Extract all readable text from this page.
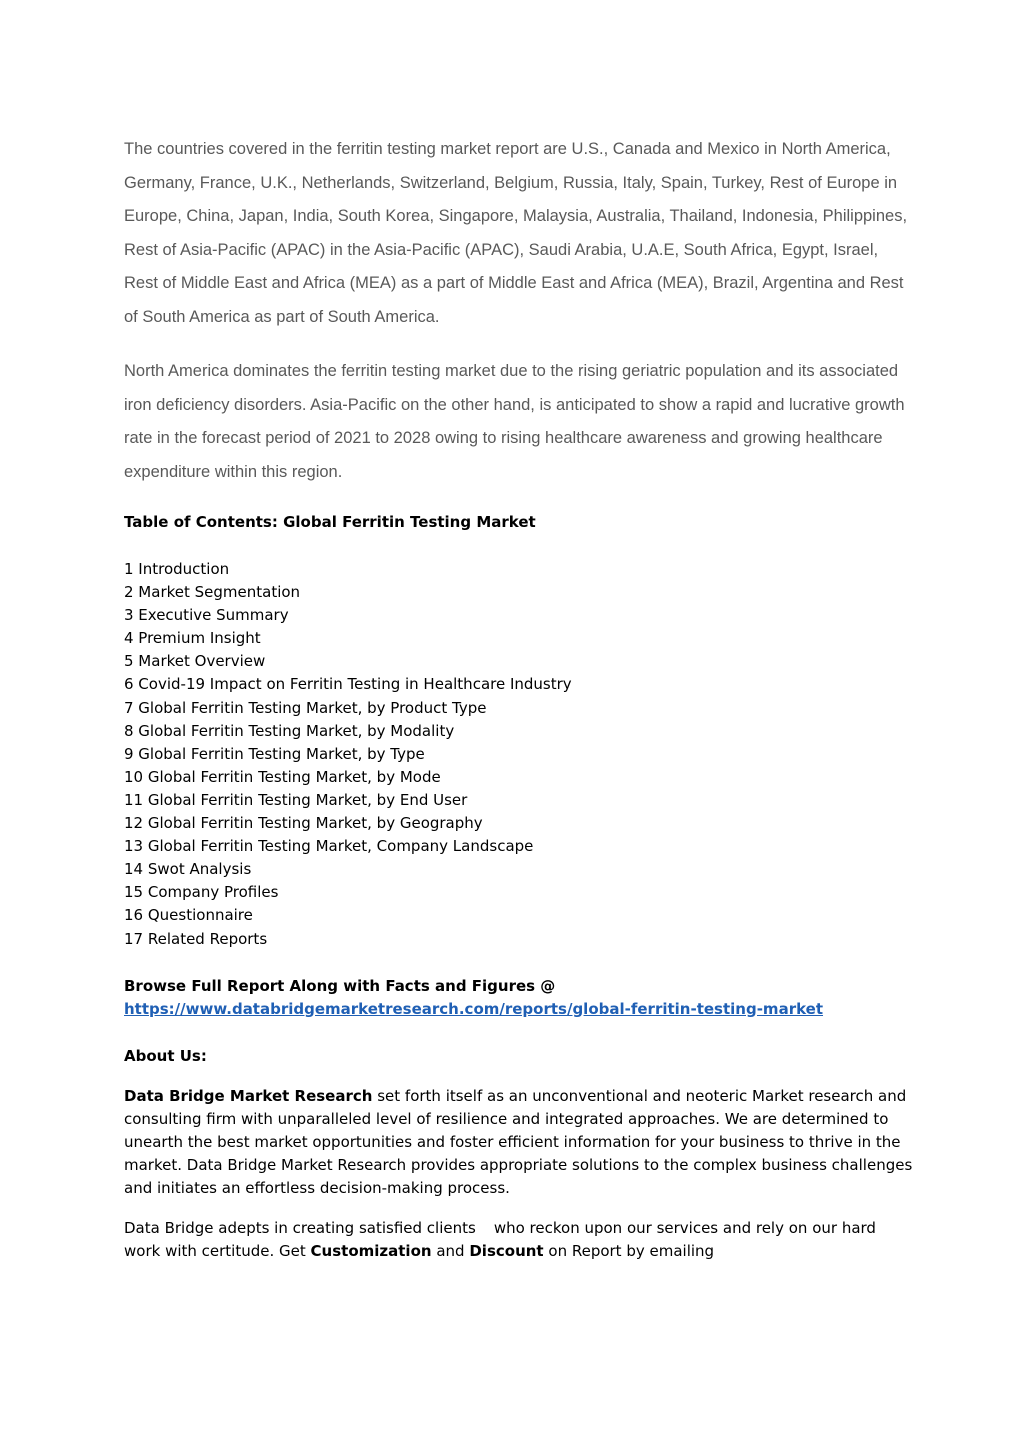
The countries covered in the ferritin testing market report are U.S., Canada and Mexico in North America, Germany, France, U.K., Netherlands, Switzerland, Belgium, Russia, Italy, Spain, Turkey, Rest of Europe in Europe, China, Japan, India, South Korea, Singapore, Malaysia, Australia, Thailand, Indonesia, Philippines, Rest of Asia-Pacific (APAC) in the Asia-Pacific (APAC), Saudi Arabia, U.A.E, South Africa, Egypt, Israel, Rest of Middle East and Africa (MEA) as a part of Middle East and Africa (MEA), Brazil, Argentina and Rest of South America as part of South America.

North America dominates the ferritin testing market due to the rising geriatric population and its associated iron deficiency disorders. Asia-Pacific on the other hand, is anticipated to show a rapid and lucrative growth rate in the forecast period of 2021 to 2028 owing to rising healthcare awareness and growing healthcare expenditure within this region.

Table of Contents: Global Ferritin Testing Market

1 Introduction
2 Market Segmentation
3 Executive Summary
4 Premium Insight
5 Market Overview
6 Covid-19 Impact on Ferritin Testing in Healthcare Industry
7 Global Ferritin Testing Market, by Product Type
8 Global Ferritin Testing Market, by Modality
9 Global Ferritin Testing Market, by Type
10 Global Ferritin Testing Market, by Mode
11 Global Ferritin Testing Market, by End User
12 Global Ferritin Testing Market, by Geography
13 Global Ferritin Testing Market, Company Landscape
14 Swot Analysis
15 Company Profiles
16 Questionnaire
17 Related Reports
Browse Full Report Along with Facts and Figures @
https://www.databridgemarketresearch.com/reports/global-ferritin-testing-market

About Us:

Data Bridge Market Research set forth itself as an unconventional and neoteric Market research and consulting firm with unparalleled level of resilience and integrated approaches. We are determined to unearth the best market opportunities and foster efficient information for your business to thrive in the market. Data Bridge Market Research provides appropriate solutions to the complex business challenges and initiates an effortless decision-making process.

Data Bridge adepts in creating satisfied clients who reckon upon our services and rely on our hard work with certitude. Get Customization and Discount on Report by emailing
